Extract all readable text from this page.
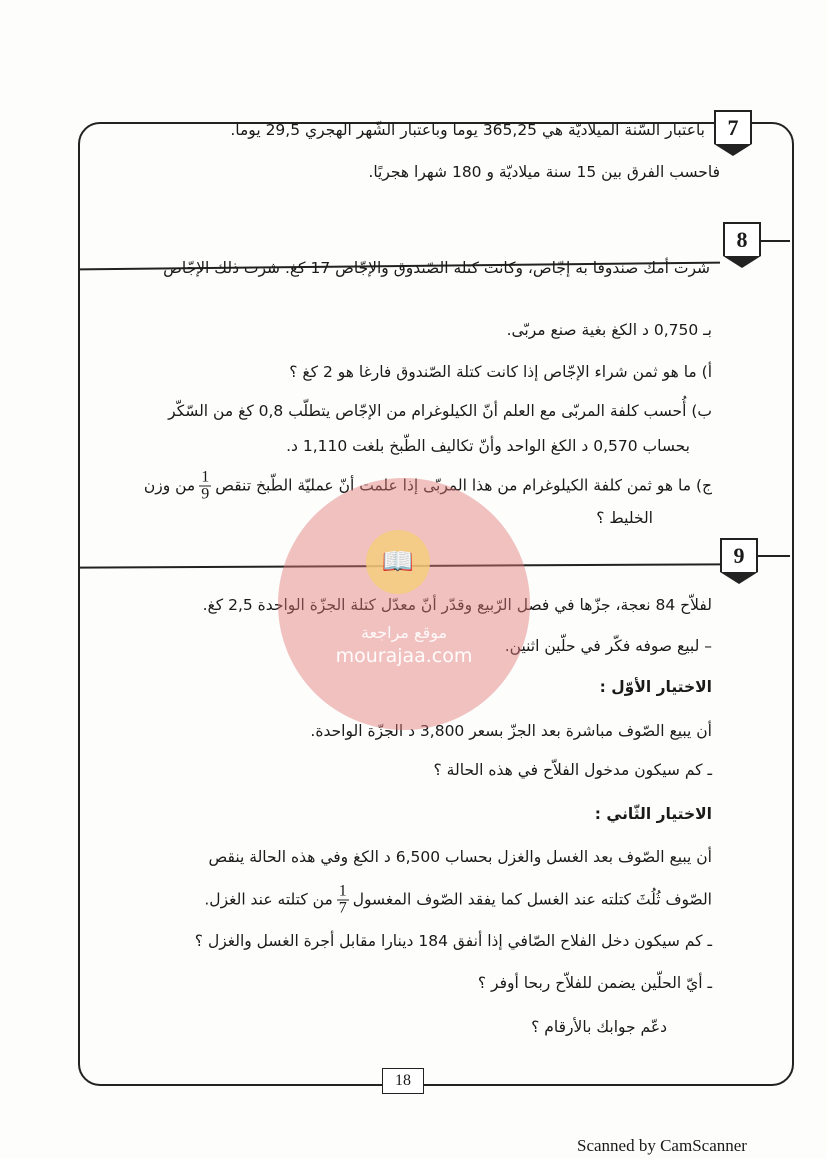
7
8
9
باعتبار السّنة الميلاديّة هي 365,25 يوما وباعتبار الشّهر الهجري 29,5 يوما.
فاحسب الفرق بين 15 سنة ميلاديّة و 180 شهرا هجريًا.
شرت أمك صندوقا به إجّاص، وكانت كتلة الصّندوق والإجّاص 17 كغ. شرت ذلك الإجّاص
بـ 0,750 د الكغ بغية صنع مربّى.
أ) ما هو ثمن شراء الإجّاص إذا كانت كتلة الصّندوق فارغا هو 2 كغ ؟
ب) أُحسب كلفة المربّى مع العلم أنّ الكيلوغرام من الإجّاص يتطلّب 0,8 كغ من السّكّر
بحساب 0,570 د الكغ الواحد وأنّ تكاليف الطّبخ بلغت 1,110 د.
ج) ما هو ثمن كلفة الكيلوغرام من هذا المربّى إذا علمت أنّ عمليّة الطّبخ تنقص
$\frac{1}{9}$
من وزن
الخليط ؟
لفلاّح 84 نعجة، جزّها في فصل الرّبيع وقدّر أنّ معدّل كتلة الجزّة الواحدة 2,5 كغ.
– لبيع صوفه فكّر في حلّين اثنين.
الاختيار الأوّل :
أن يبيع الصّوف مباشرة بعد الجزّ بسعر 3,800 د الجزّة الواحدة.
ـ كم سيكون مدخول الفلاّح في هذه الحالة ؟
الاختيار الثّاني :
أن يبيع الصّوف بعد الغسل والغزل بحساب 6,500 د الكغ وفي هذه الحالة ينقص
الصّوف ثُلُثَ كتلته عند الغسل كما يفقد الصّوف المغسول
$\frac{1}{7}$
من كتلته عند الغزل.
ـ كم سيكون دخل الفلاح الصّافي إذا أنفق 184 دينارا مقابل أجرة الغسل والغزل ؟
ـ أيّ الحلّين يضمن للفلاّح ربحا أوفر ؟
دعّم جوابك بالأرقام ؟
📖
موقع مراجعة
mourajaa.com
18
Scanned by CamScanner
